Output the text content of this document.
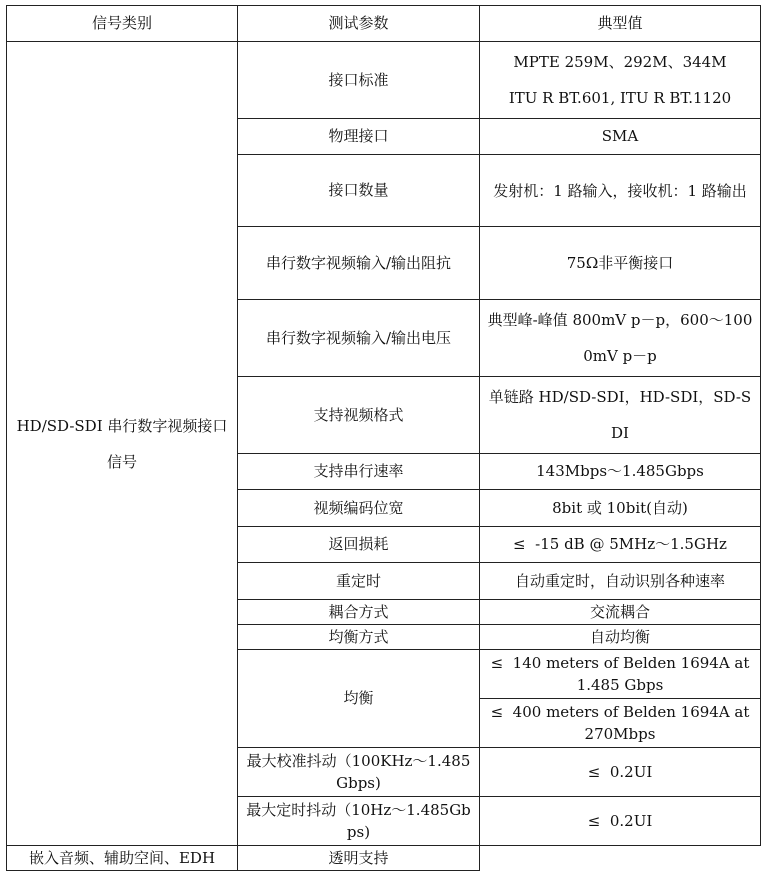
信号类别	测试参数	典型值
HD/SD-SDI 串行数字视频接口信号	接口标准	MPTE 259M、292M、344M
ITU R BT.601, ITU R BT.1120

	物理接口	SMA
	接口数量	发射机：1 路输入，接收机：1 路输出
	串行数字视频输入/输出阻抗	75Ω非平衡接口
	串行数字视频输入/输出电压	典型峰-峰值 800mV p－p，600～1000mV p－p
	支持视频格式	单链路 HD/SD-SDI，HD-SDI，SD-SDI
	支持串行速率	143Mbps～1.485Gbps
	视频编码位宽	8bit 或 10bit(自动)
	返回损耗	≤  -15 dB @ 5MHz～1.5GHz
	重定时	自动重定时，自动识别各种速率
	耦合方式	交流耦合
	均衡方式	自动均衡
	均衡	≤  140 meters of Belden 1694A at 1.485 Gbps
		≤  400 meters of Belden 1694A at 270Mbps
	最大校准抖动（100KHz～1.485Gbps)	≤  0.2UI
	最大定时抖动（10Hz～1.485Gbps)	≤  0.2UI
嵌入音频、辅助空间、EDH	透明支持	
